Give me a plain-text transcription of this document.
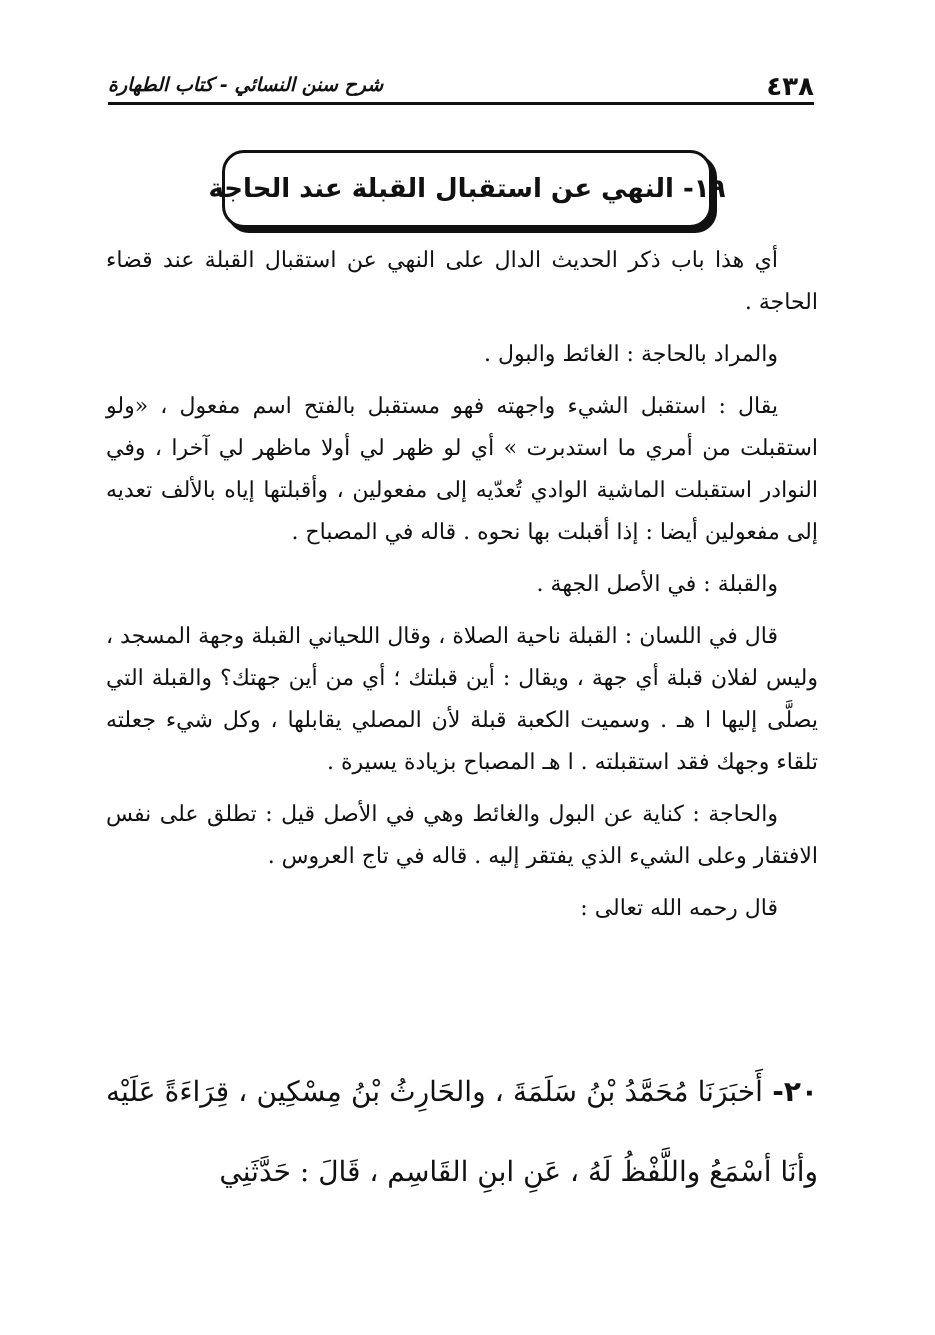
٤٣٨
شرح سنن النسائي - كتاب الطهارة
١٩- النهي عن استقبال القبلة عند الحاجة

أي هذا باب ذكر الحديث الدال على النهي عن استقبال القبلة عند قضاء الحاجة .

والمراد بالحاجة : الغائط والبول .

يقال : استقبل الشيء واجهته فهو مستقبل بالفتح اسم مفعول ، «ولو استقبلت من أمري ما استدبرت » أي لو ظهر لي أولا ماظهر لي آخرا ، وفي النوادر استقبلت الماشية الوادي تُعدّيه إلى مفعولين ، وأقبلتها إياه بالألف تعديه إلى مفعولين أيضا : إذا أقبلت بها نحوه . قاله في المصباح .

والقبلة : في الأصل الجهة .

قال في اللسان : القبلة ناحية الصلاة ، وقال اللحياني القبلة وجهة المسجد ، وليس لفلان قبلة أي جهة ، ويقال : أين قبلتك ؛ أي من أين جهتك؟ والقبلة التي يصلَّى إليها ا هـ . وسميت الكعبة قبلة لأن المصلي يقابلها ، وكل شيء جعلته تلقاء وجهك فقد استقبلته . ا هـ المصباح بزيادة يسيرة .

والحاجة : كناية عن البول والغائط وهي في الأصل قيل : تطلق على نفس الافتقار وعلى الشيء الذي يفتقر إليه . قاله في تاج العروس .

قال رحمه الله تعالى :

٢٠- أَخبَرَنَا مُحَمَّدُ بْنُ سَلَمَةَ ، والحَارِثُ بْنُ مِسْكِين ، قِرَاءَةً عَلَيْه وأنَا أسْمَعُ واللَّفْظُ لَهُ ، عَنِ ابنِ القَاسِم ، قَالَ : حَدَّثَنِي
